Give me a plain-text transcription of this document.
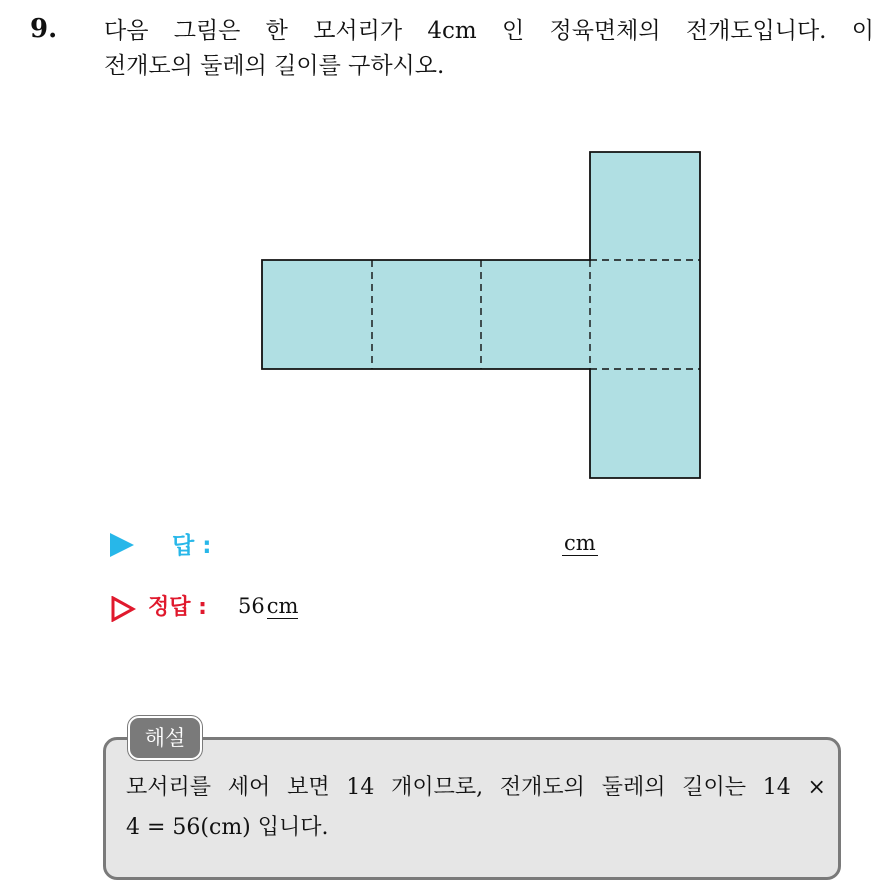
9. 다음 그림은 한 모서리가 4cm 인 정육면체의 전개도입니다. 이
전개도의 둘레의 길이를 구하시오.
답 :	cm
정답 : 56cm
해설
모서리를 세어 보면 14 개이므로, 전개도의 둘레의 길이는 14 ×
4 = 56(cm) 입니다.
